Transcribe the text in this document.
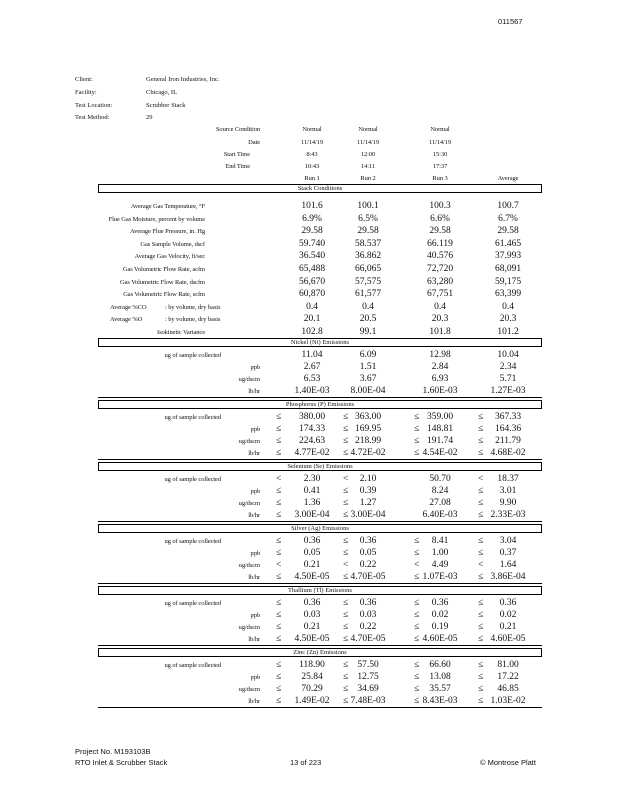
011567
Client:	General Iron Industries, Inc.
Facility:	Chicago, IL
Test Location:	Scrubber Stack
Test Method:	29
Source Condition	Normal	Normal	Normal
Date	11/14/19	11/14/19	11/14/19
Start Time	8:43	12:00	15:30
End Time	10:43	14:11	17:37
Run 1	Run 2	Run 3	Average
Stack Conditions
Average Gas Temperature, °F	101.6	100.1	100.3	100.7
Flue Gas Moisture, percent by volume	6.9%	6.5%	6.6%	6.7%
Average Flue Pressure, in. Hg	29.58	29.58	29.58	29.58
Gas Sample Volume, dscf	59.740	58.537	66.119	61.465
Average Gas Velocity, ft/sec	36.540	36.862	40.576	37.993
Gas Volumetric Flow Rate, acfm	65,488	66,065	72,720	68,091
Gas Volumetric Flow Rate, dscfm	56,670	57,575	63,280	59,175
Gas Volumetric Flow Rate, scfm	60,870	61,577	67,751	63,399
Average %CO	: by volume, dry basis	0.4	0.4	0.4	0.4
Average %O	: by volume, dry basis	20.1	20.5	20.3	20.3
Isokinetic Variance	102.8	99.1	101.8	101.2
Nickel (Ni) Emissions
ug of sample collected	11.04	6.09	12.98	10.04
ppb	2.67	1.51	2.84	2.34
ug/dscm	6.53	3.67	6.93	5.71
lb/hr	1.40E-03	8.00E-04	1.60E-03	1.27E-03
Phosphorus (P) Emissions
ug of sample collected	≤	380.00	≤ 363.00	≤ 359.00	≤	367.33
ppb ≤	174.33	≤ 169.95	≤ 148.81	≤	164.36
ug/dscm ≤	224.63	≤ 218.99	≤ 191.74	≤	211.79
lb/hr ≤	4.77E-02	≤ 4.72E-02	≤ 4.54E-02	≤ 4.68E-02
Selenium (Se) Emissions
ug of sample collected	<	2.30	<	2.10	50.70	<	18.37
ppb ≤	0.41	≤	0.39	8.24	≤	3.01
ug/dscm ≤	1.36	≤	1.27	27.08	≤	9.90
lb/hr ≤	3.00E-04	≤ 3.00E-04	6.40E-03	≤ 2.33E-03
Silver (Ag) Emissions
ug of sample collected	≤	0.36	≤	0.36	≤	8.41	≤	3.04
ppb ≤	0.05	≤	0.05	≤	1.00	≤	0.37
ug/dscm <	0.21	<	0.22	<	4.49	<	1.64
lb/hr ≤	4.50E-05	≤ 4.70E-05	≤ 1.07E-03	≤ 3.86E-04
Thallium (Tl) Emissions
ug of sample collected	≤	0.36	≤	0.36	≤	0.36	≤	0.36
ppb ≤	0.03	≤	0.03	≤	0.02	≤	0.02
ug/dscm ≤	0.21	≤	0.22	≤	0.19	≤	0.21
lb/hr ≤	4.50E-05	≤ 4.70E-05	≤ 4.60E-05	≤ 4.60E-05
Zinc (Zn) Emissions
ug of sample collected	≤	118.90	≤ 57.50	≤	66.60	≤	81.00
ppb ≤	25.84	≤ 12.75	≤	13.08	≤	17.22
ug/dscm ≤	70.29	≤ 34.69	≤	35.57	≤	46.85
lb/hr ≤	1.49E-02	≤ 7.48E-03	≤ 8.43E-03	≤ 1.03E-02
Project No. M193103B
RTO Inlet & Scrubber Stack	13 of 223	© Montrose Platt
